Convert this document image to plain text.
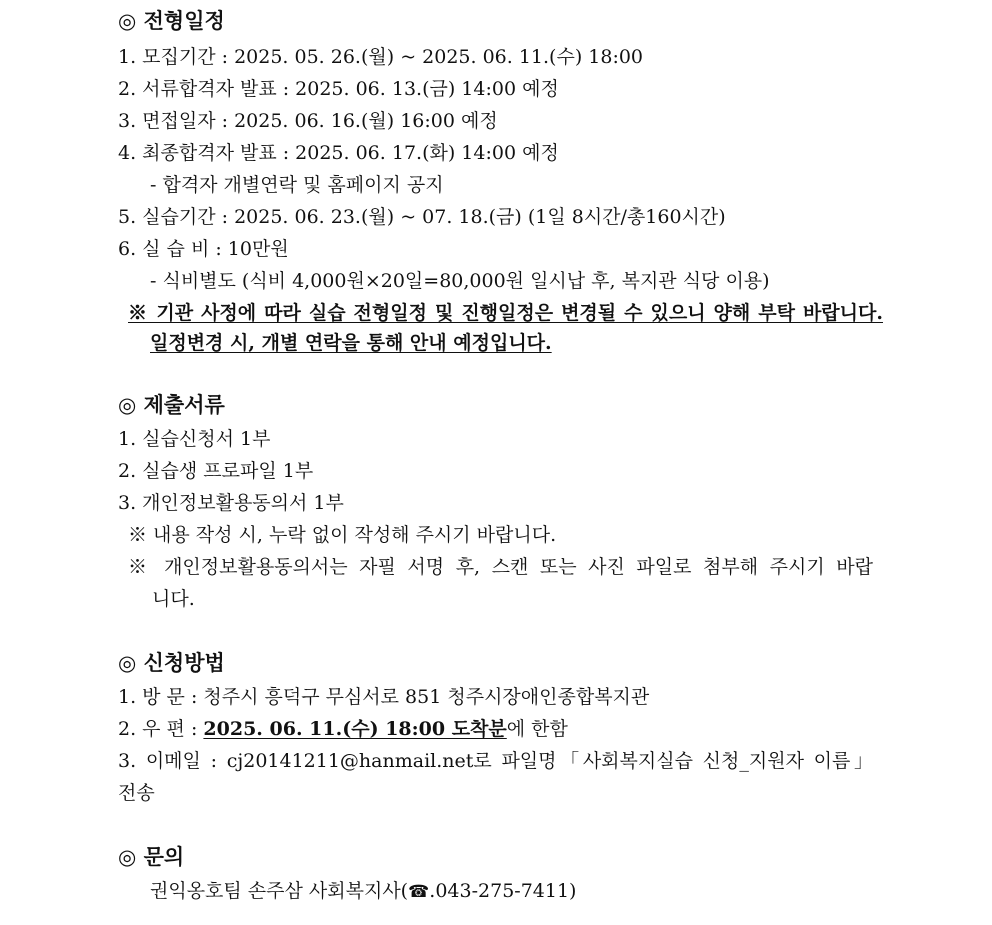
◎ 전형일정
1. 모집기간 : 2025. 05. 26.(월) ~ 2025. 06. 11.(수) 18:00
2. 서류합격자 발표 : 2025. 06. 13.(금) 14:00 예정
3. 면접일자 : 2025. 06. 16.(월) 16:00 예정
4. 최종합격자 발표 : 2025. 06. 17.(화) 14:00 예정
- 합격자 개별연락 및 홈페이지 공지
5. 실습기간 : 2025. 06. 23.(월) ~ 07. 18.(금) (1일 8시간/총160시간)
6. 실 습 비 : 10만원
- 식비별도 (식비 4,000원×20일=80,000원 일시납 후, 복지관 식당 이용)
※ 기관 사정에 따라 실습 전형일정 및 진행일정은 변경될 수 있으니 양해 부탁 바랍니다.
일정변경 시, 개별 연락을 통해 안내 예정입니다.
◎ 제출서류
1. 실습신청서 1부
2. 실습생 프로파일 1부
3. 개인정보활용동의서 1부
※ 내용 작성 시, 누락 없이 작성해 주시기 바랍니다.
※ 개인정보활용동의서는 자필 서명 후, 스캔 또는 사진 파일로 첨부해 주시기 바랍
니다.
◎ 신청방법
1. 방 문 : 청주시 흥덕구 무심서로 851 청주시장애인종합복지관
2. 우 편 : 2025. 06. 11.(수) 18:00 도착분에 한함
3. 이메일 : cj20141211@hanmail.net로 파일명「사회복지실습 신청_지원자 이름」
전송
◎ 문의
권익옹호팀 손주삼 사회복지사(☎.043-275-7411)
